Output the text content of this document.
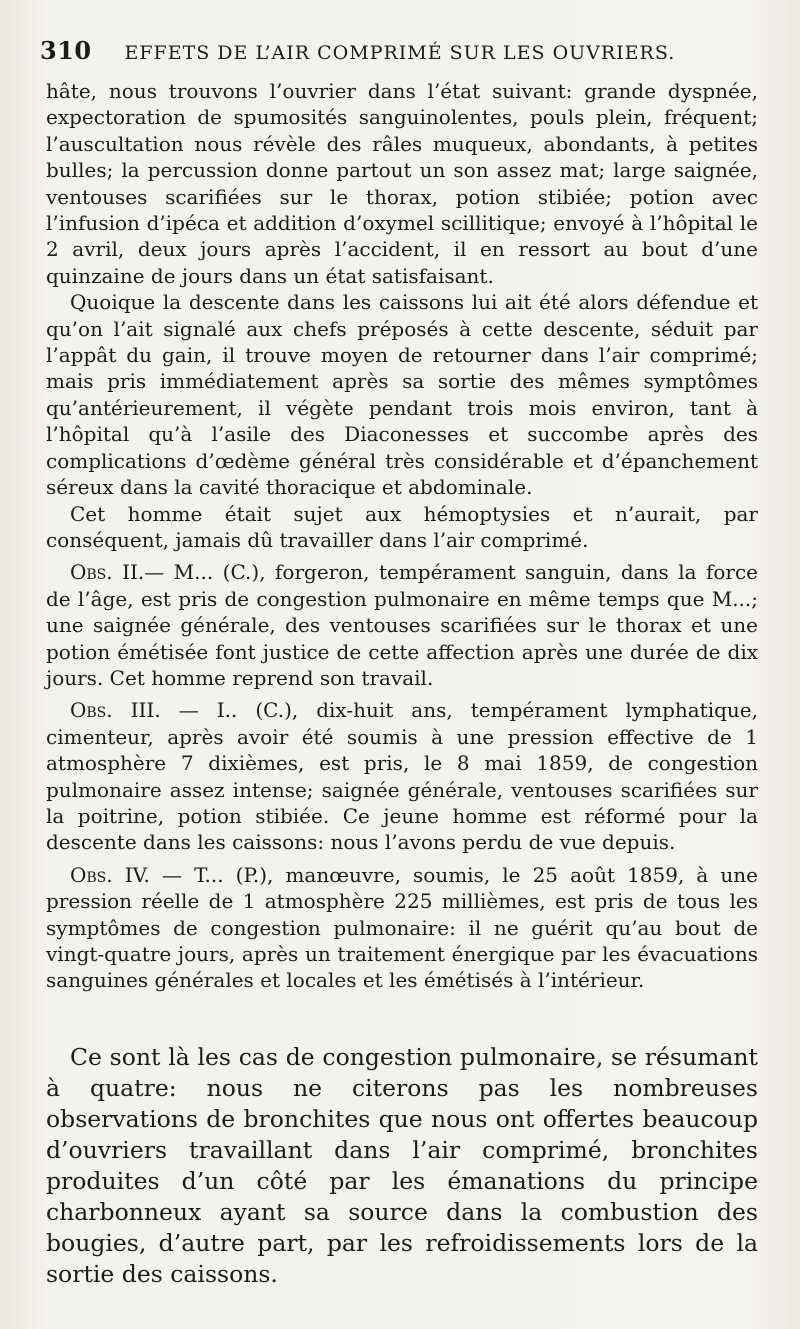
310 EFFETS DE L’AIR COMPRIMÉ SUR LES OUVRIERS.

hâte, nous trouvons l’ouvrier dans l’état suivant: grande dyspnée, expectoration de spumosités sanguinolentes, pouls plein, fréquent; l’auscultation nous révèle des râles muqueux, abondants, à petites bulles; la percussion donne partout un son assez mat; large saignée, ventouses scarifiées sur le thorax, potion stibiée; potion avec l’infusion d’ipéca et addition d’oxymel scillitique; envoyé à l’hôpital le 2 avril, deux jours après l’accident, il en ressort au bout d’une quinzaine de jours dans un état satisfaisant.

Quoique la descente dans les caissons lui ait été alors défendue et qu’on l’ait signalé aux chefs préposés à cette descente, séduit par l’appât du gain, il trouve moyen de retourner dans l’air comprimé; mais pris immédiatement après sa sortie des mêmes symptômes qu’antérieurement, il végète pendant trois mois environ, tant à l’hôpital qu’à l’asile des Diaconesses et succombe après des complications d’œdème général très considérable et d’épanchement séreux dans la cavité thoracique et abdominale.

Cet homme était sujet aux hémoptysies et n’aurait, par conséquent, jamais dû travailler dans l’air comprimé.

Obs. II.— M... (C.), forgeron, tempérament sanguin, dans la force de l’âge, est pris de congestion pulmonaire en même temps que M...; une saignée générale, des ventouses scarifiées sur le thorax et une potion émétisée font justice de cette affection après une durée de dix jours. Cet homme reprend son travail.

Obs. III. — I.. (C.), dix-huit ans, tempérament lymphatique, cimenteur, après avoir été soumis à une pression effective de 1 atmosphère 7 dixièmes, est pris, le 8 mai 1859, de congestion pulmonaire assez intense; saignée générale, ventouses scarifiées sur la poitrine, potion stibiée. Ce jeune homme est réformé pour la descente dans les caissons: nous l’avons perdu de vue depuis.

Obs. IV. — T... (P.), manœuvre, soumis, le 25 août 1859, à une pression réelle de 1 atmosphère 225 millièmes, est pris de tous les symptômes de congestion pulmonaire: il ne guérit qu’au bout de vingt-quatre jours, après un traitement énergique par les évacuations sanguines générales et locales et les émétisés à l’intérieur.

Ce sont là les cas de congestion pulmonaire, se résumant à quatre: nous ne citerons pas les nombreuses observations de bronchites que nous ont offertes beaucoup d’ouvriers travaillant dans l’air comprimé, bronchites produites d’un côté par les émanations du principe charbonneux ayant sa source dans la combustion des bougies, d’autre part, par les refroidissements lors de la sortie des caissons.
